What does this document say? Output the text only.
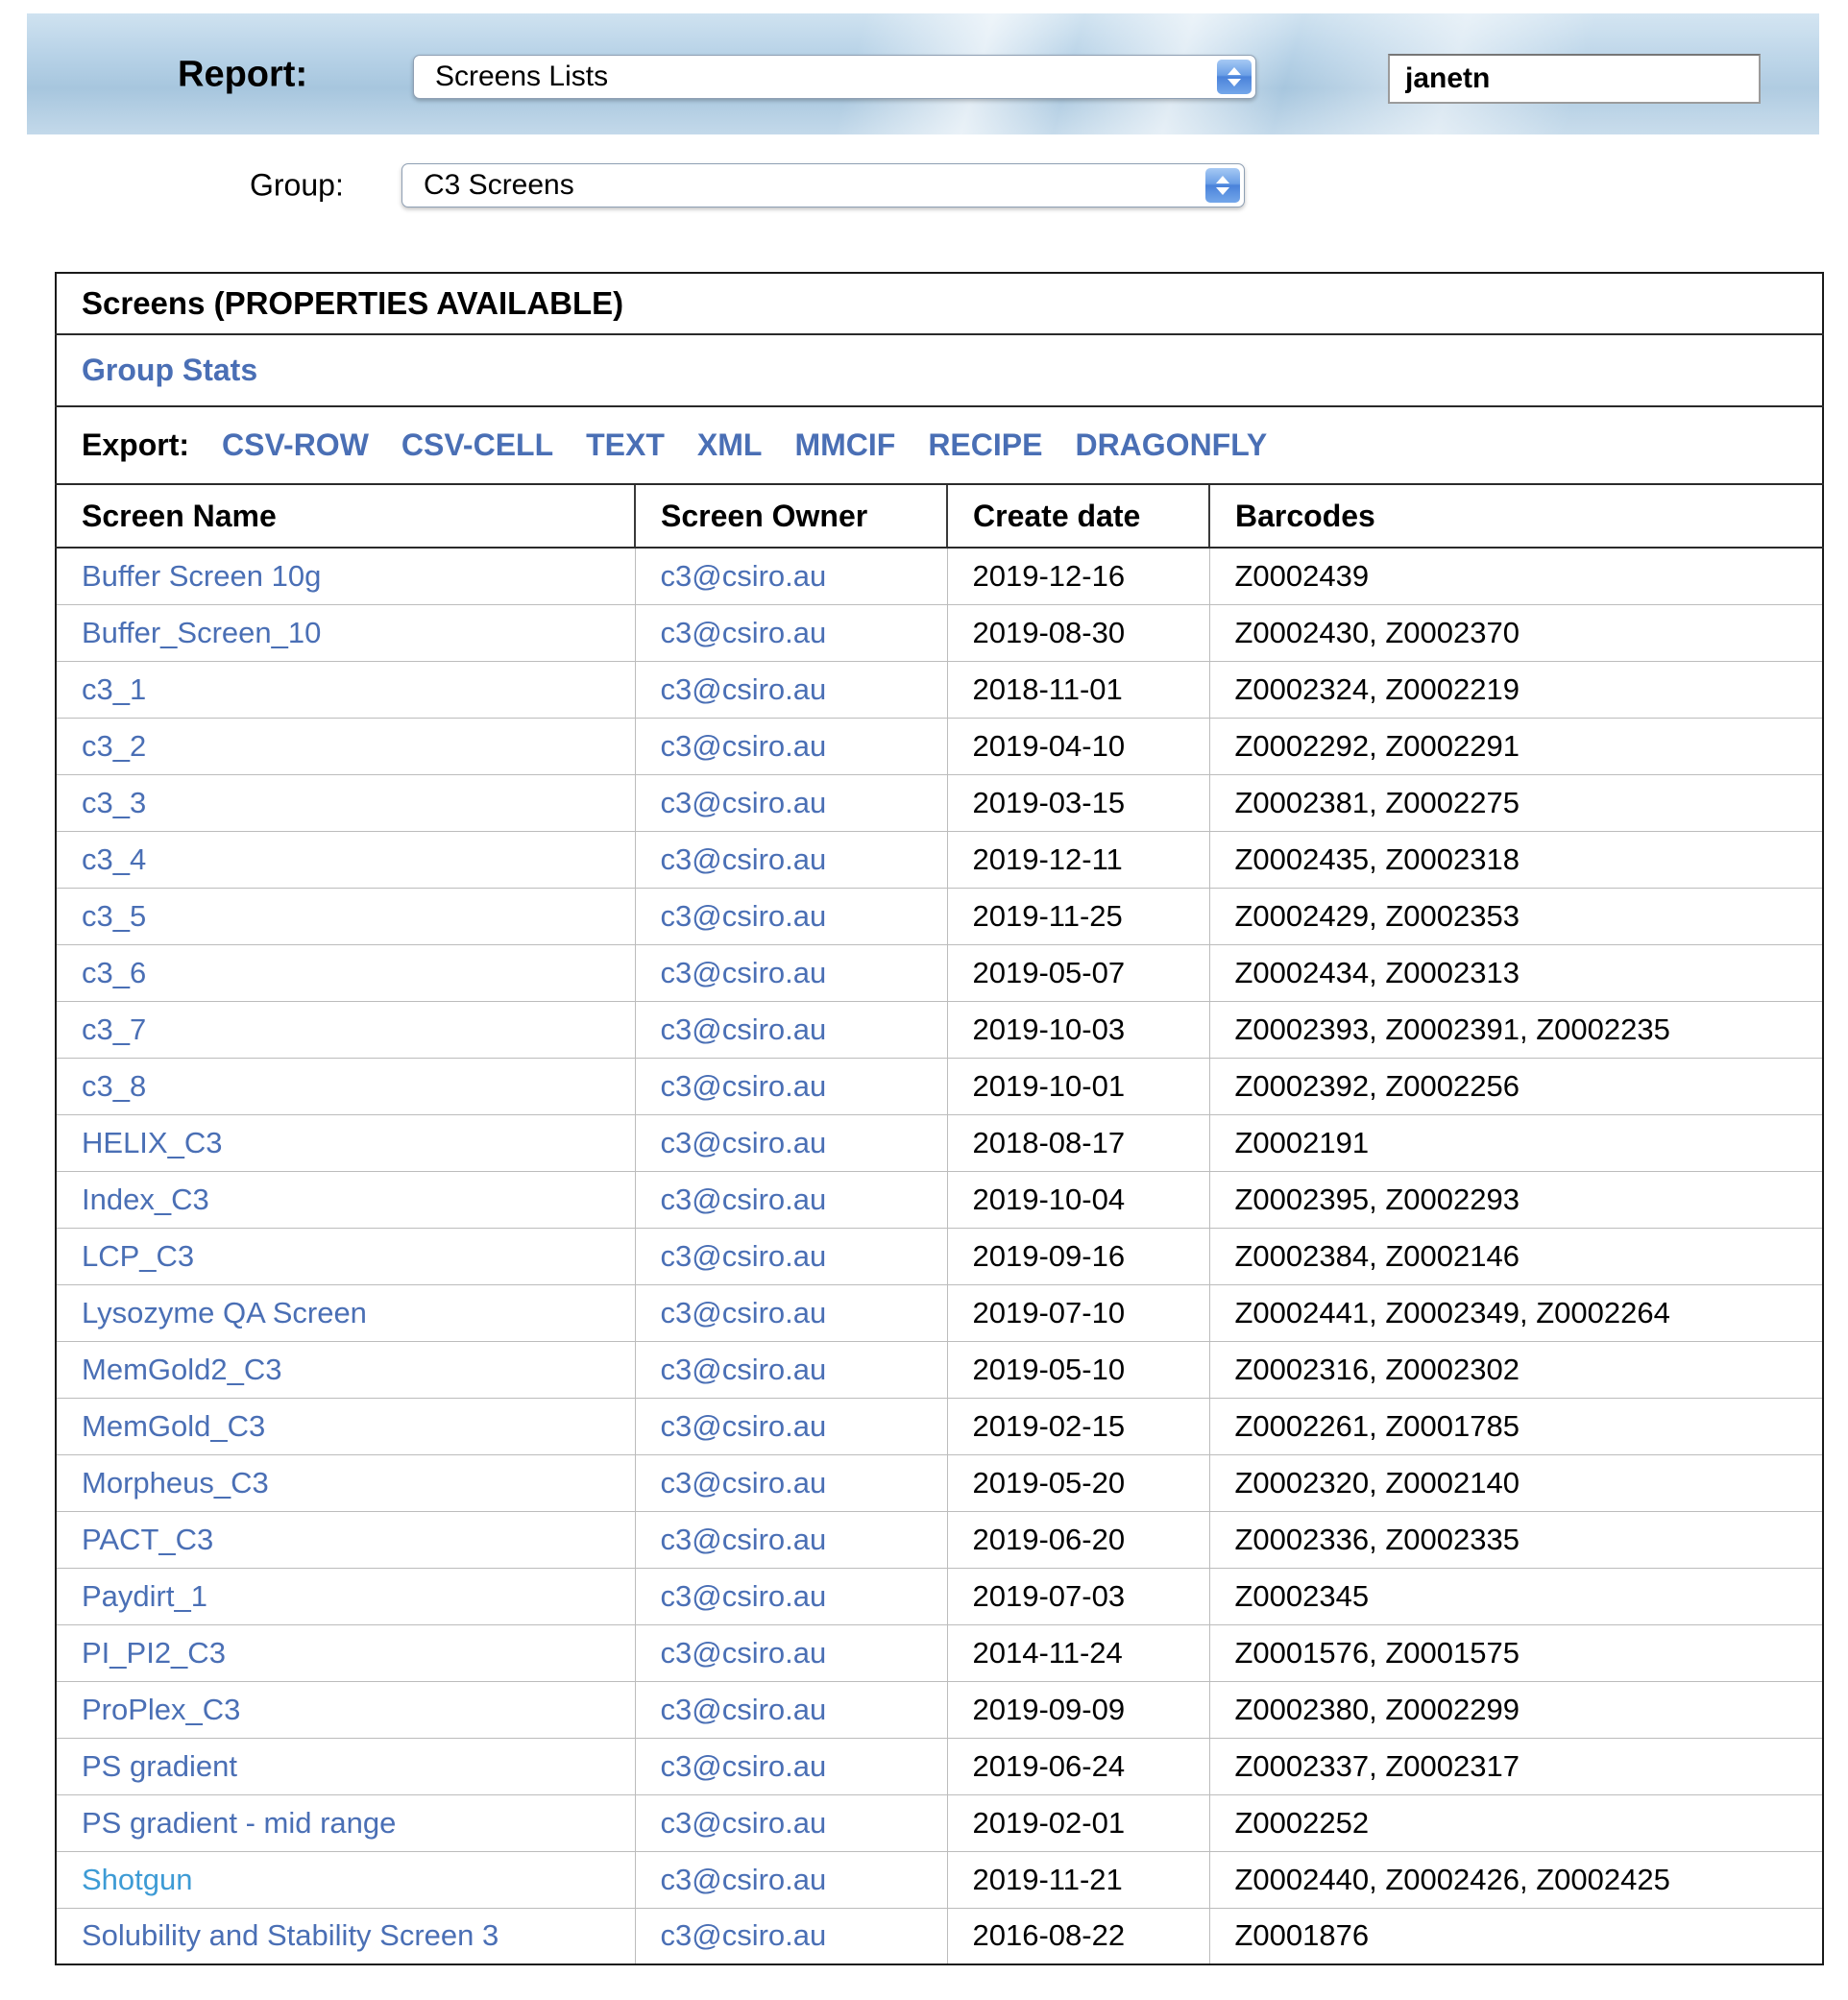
Report:	Screens Lists
janetn
Group:	C3 Screens
Screens (PROPERTIES AVAILABLE)			
Group Stats			
Export: CSV-ROW CSV-CELL TEXT XML MMCIF RECIPE DRAGONFLY			
Screen Name	Screen Owner	Create date	Barcodes
Buffer Screen 10g	c3@csiro.au	2019-12-16	Z0002439
Buffer_Screen_10	c3@csiro.au	2019-08-30	Z0002430, Z0002370
c3_1	c3@csiro.au	2018-11-01	Z0002324, Z0002219
c3_2	c3@csiro.au	2019-04-10	Z0002292, Z0002291
c3_3	c3@csiro.au	2019-03-15	Z0002381, Z0002275
c3_4	c3@csiro.au	2019-12-11	Z0002435, Z0002318
c3_5	c3@csiro.au	2019-11-25	Z0002429, Z0002353
c3_6	c3@csiro.au	2019-05-07	Z0002434, Z0002313
c3_7	c3@csiro.au	2019-10-03	Z0002393, Z0002391, Z0002235
c3_8	c3@csiro.au	2019-10-01	Z0002392, Z0002256
HELIX_C3	c3@csiro.au	2018-08-17	Z0002191
Index_C3	c3@csiro.au	2019-10-04	Z0002395, Z0002293
LCP_C3	c3@csiro.au	2019-09-16	Z0002384, Z0002146
Lysozyme QA Screen	c3@csiro.au	2019-07-10	Z0002441, Z0002349, Z0002264
MemGold2_C3	c3@csiro.au	2019-05-10	Z0002316, Z0002302
MemGold_C3	c3@csiro.au	2019-02-15	Z0002261, Z0001785
Morpheus_C3	c3@csiro.au	2019-05-20	Z0002320, Z0002140
PACT_C3	c3@csiro.au	2019-06-20	Z0002336, Z0002335
Paydirt_1	c3@csiro.au	2019-07-03	Z0002345
PI_PI2_C3	c3@csiro.au	2014-11-24	Z0001576, Z0001575
ProPlex_C3	c3@csiro.au	2019-09-09	Z0002380, Z0002299
PS gradient	c3@csiro.au	2019-06-24	Z0002337, Z0002317
PS gradient - mid range	c3@csiro.au	2019-02-01	Z0002252
Shotgun	c3@csiro.au	2019-11-21	Z0002440, Z0002426, Z0002425
Solubility and Stability Screen 3	c3@csiro.au	2016-08-22	Z0001876
